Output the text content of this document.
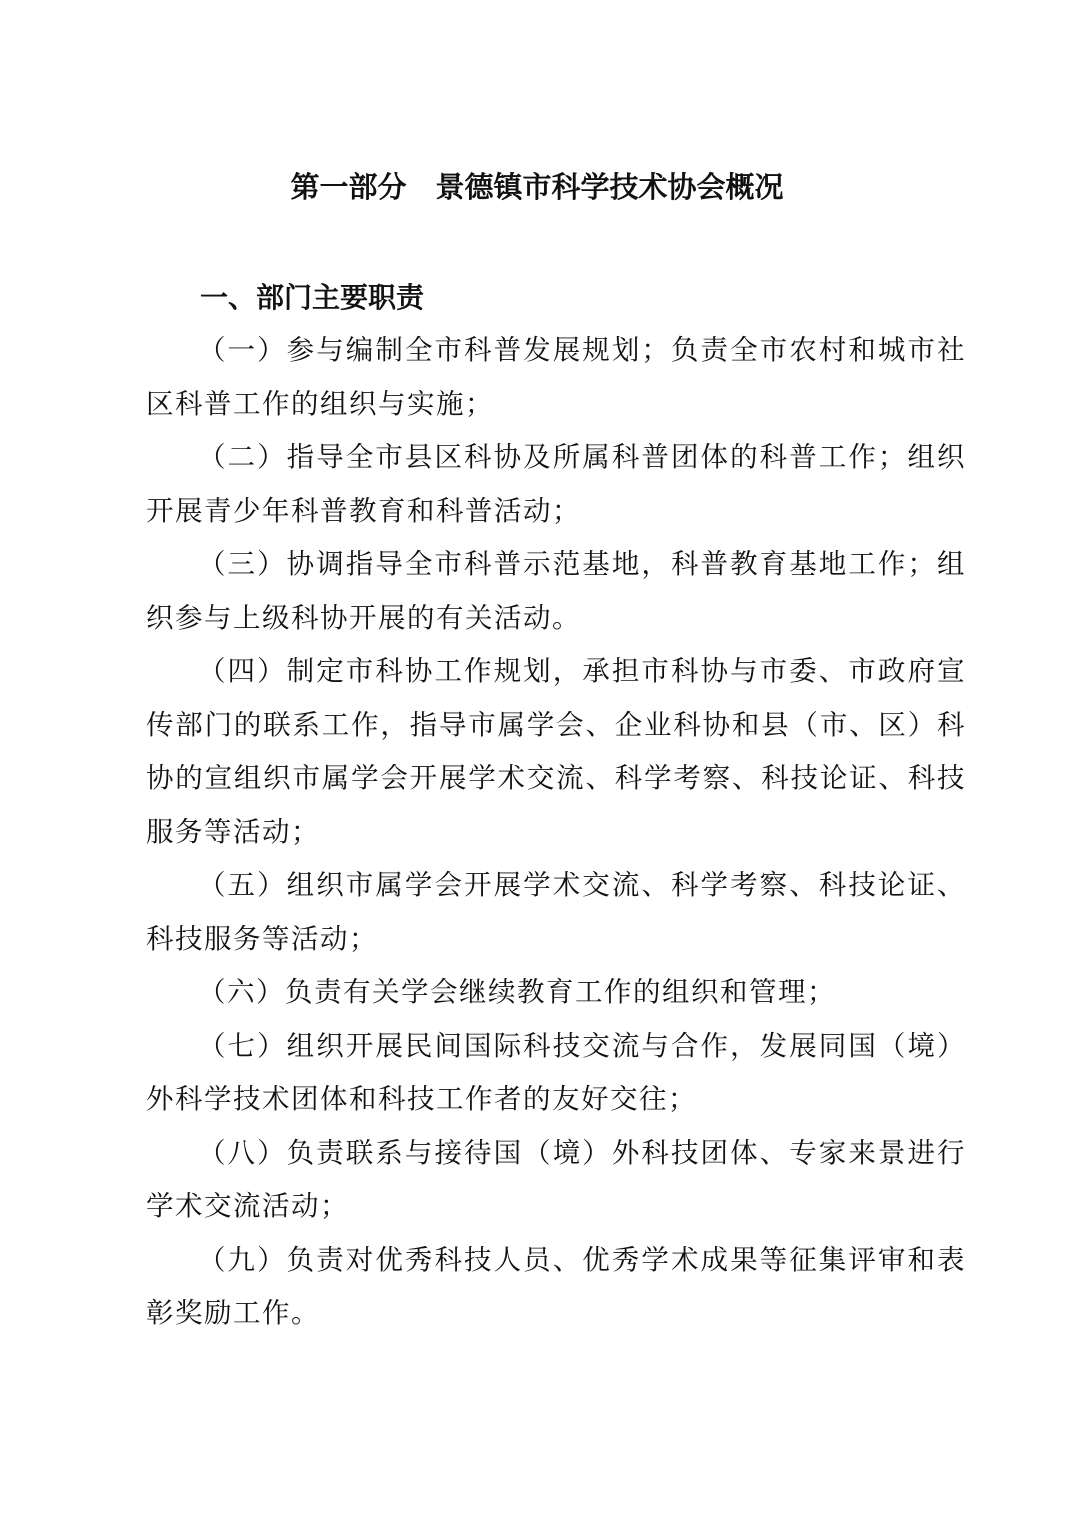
第一部分　景德镇市科学技术协会概况
一、部门主要职责

（一）参与编制全市科普发展规划；负责全市农村和城市社区科普工作的组织与实施；

（二）指导全市县区科协及所属科普团体的科普工作；组织开展青少年科普教育和科普活动；

（三）协调指导全市科普示范基地，科普教育基地工作；组织参与上级科协开展的有关活动。

（四）制定市科协工作规划，承担市科协与市委、市政府宣传部门的联系工作，指导市属学会、企业科协和县（市、区）科协的宣组织市属学会开展学术交流、科学考察、科技论证、科技服务等活动；

（五）组织市属学会开展学术交流、科学考察、科技论证、科技服务等活动；

（六）负责有关学会继续教育工作的组织和管理；

（七）组织开展民间国际科技交流与合作，发展同国（境）外科学技术团体和科技工作者的友好交往；

（八）负责联系与接待国（境）外科技团体、专家来景进行学术交流活动；

（九）负责对优秀科技人员、优秀学术成果等征集评审和表彰奖励工作。
